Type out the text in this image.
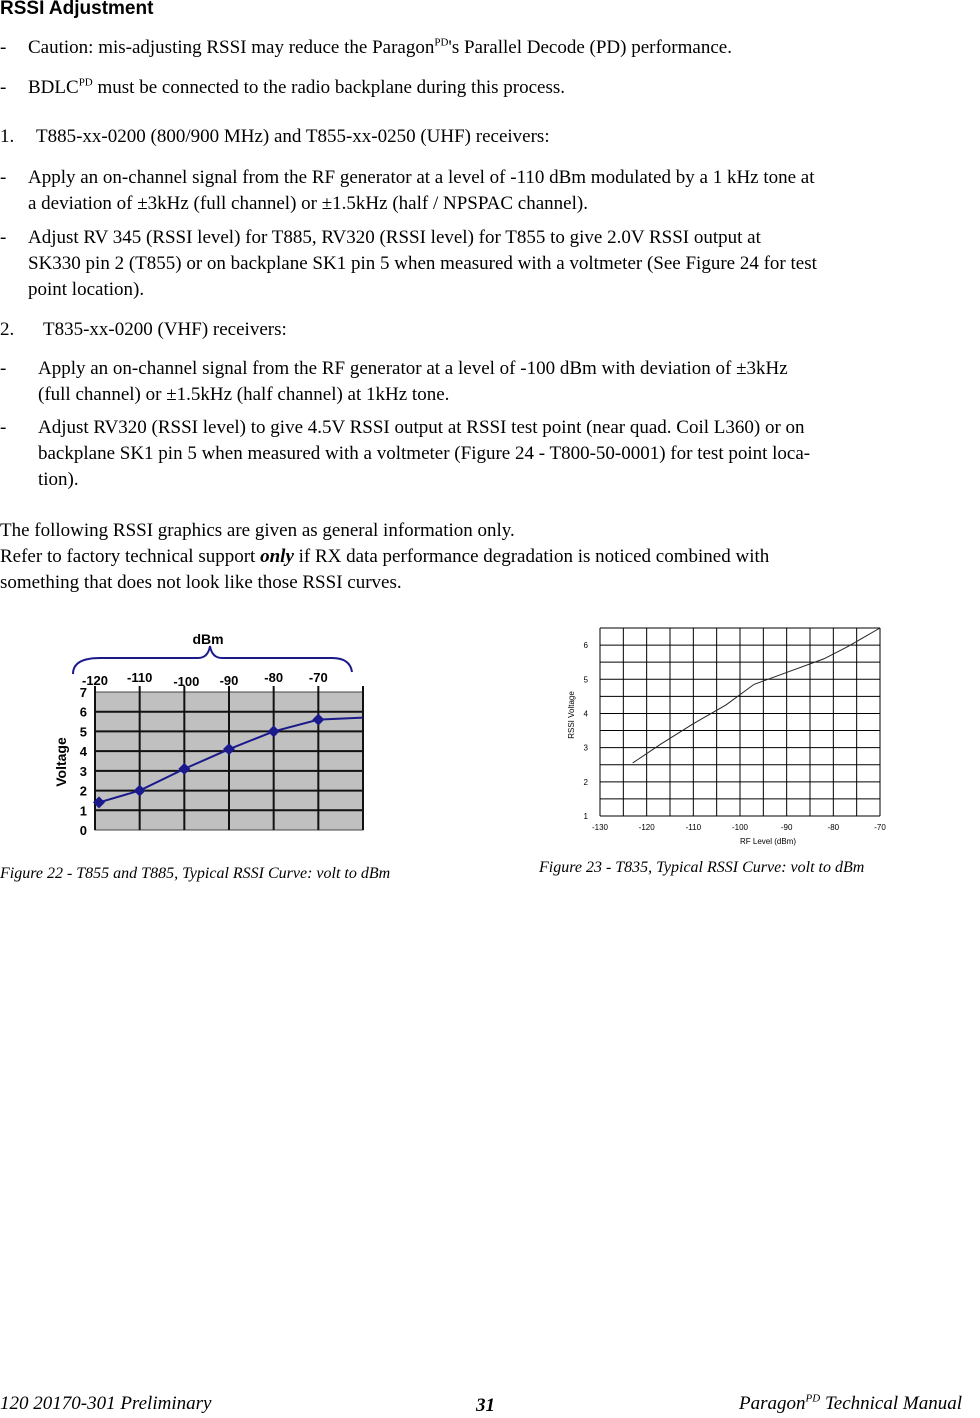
RSSI Adjustment
- Caution: mis-adjusting RSSI may reduce the Paragon$^{PD}$'s Parallel Decode (PD) performance.
- $BDLC^{PD}$ must be connected to the radio backplane during this process.
1. T885-xx-0200 (800/900 MHz) and T855-xx-0250 (UHF) receivers:
- Apply an on-channel signal from the RF generator at a level of -110 dBm modulated by a 1 kHz tone at
a deviation of ±3kHz (full channel) or ±1.5kHz (half / NPSPAC channel).
- Adjust RV 345 (RSSI level) for T885, RV320 (RSSI level) for T855 to give 2.0V RSSI output at
SK330 pin 2 (T855) or on backplane SK1 pin 5 when measured with a voltmeter (See Figure 24 for test
point location).
2. T835-xx-0200 (VHF) receivers:
- Apply an on-channel signal from the RF generator at a level of -100 dBm with deviation of ±3kHz
(full channel) or ±1.5kHz (half channel) at 1kHz tone.
- Adjust RV320 (RSSI level) to give 4.5V RSSI output at RSSI test point (near quad. Coil L360) or on
backplane SK1 pin 5 when measured with a voltmeter (Figure 24 - T800-50-0001) for test point loca-
tion).
The following RSSI graphics are given as general information only.
Refer to factory technical support only if RX data performance degradation is noticed combined with
something that does not look like those RSSI curves.
dBm
-120 -110 -100 -90 -80 -70
7
6
5
4
3
2
1
0
Voltage
-130	-120	-110	-100	-90	-80	-70
1
2
3
4
5
6
RSSI Voltage
RF Level (dBm)
Figure 22 - T855 and T885, Typical RSSI Curve: volt to dBm	Figure 23 - T835, Typical RSSI Curve: volt to dBm
120 20170-301 Preliminary	31	Paragon$^{PD}$ Technical Manual
